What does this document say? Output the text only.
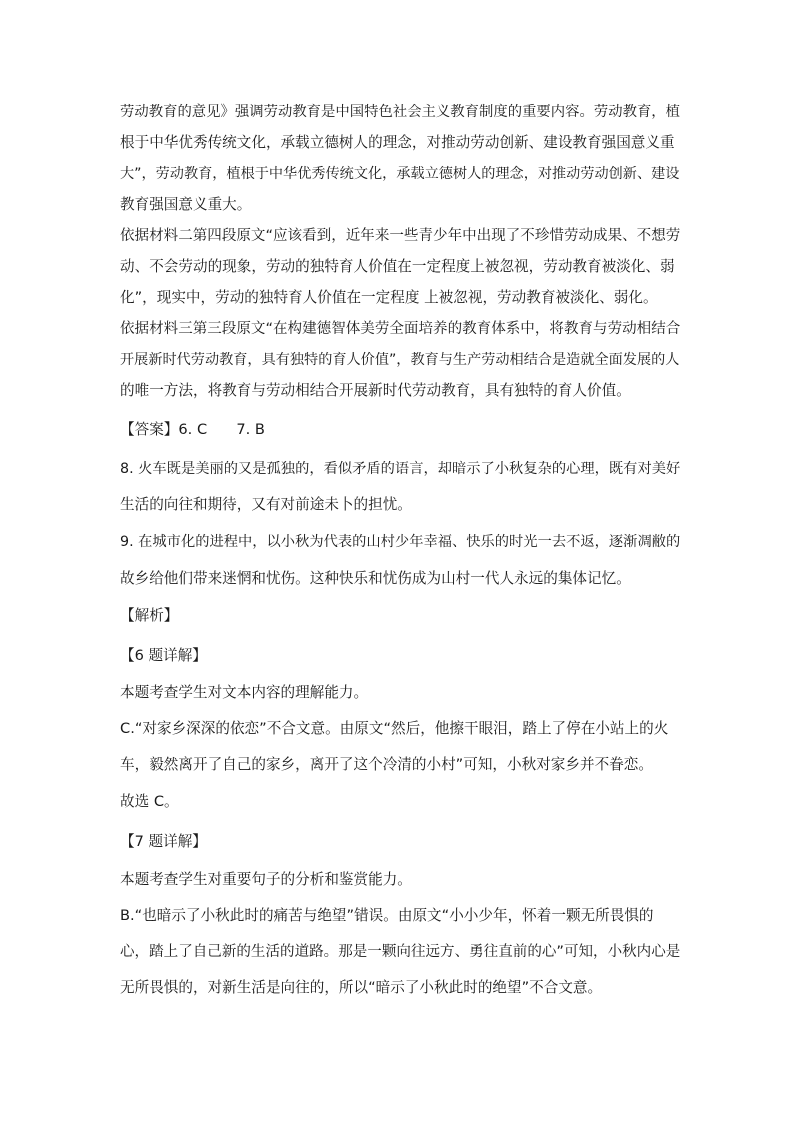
劳动教育的意见》强调劳动教育是中国特色社会主义教育制度的重要内容。劳动教育，植
根于中华优秀传统文化，承载立德树人的理念，对推动劳动创新、建设教育强国意义重
大”，劳动教育，植根于中华优秀传统文化，承载立德树人的理念，对推动劳动创新、建设
教育强国意义重大。
依据材料二第四段原文“应该看到，近年来一些青少年中出现了不珍惜劳动成果、不想劳
动、不会劳动的现象，劳动的独特育人价值在一定程度上被忽视，劳动教育被淡化、弱
化”，现实中，劳动的独特育人价值在一定程度 上被忽视，劳动教育被淡化、弱化。
依据材料三第三段原文“在构建德智体美劳全面培养的教育体系中，将教育与劳动相结合
开展新时代劳动教育，具有独特的育人价值”，教育与生产劳动相结合是造就全面发展的人
的唯一方法，将教育与劳动相结合开展新时代劳动教育，具有独特的育人价值。
【答案】6. C　　7. B
8. 火车既是美丽的又是孤独的，看似矛盾的语言，却暗示了小秋复杂的心理，既有对美好
生活的向往和期待，又有对前途未卜的担忧。
9. 在城市化的进程中，以小秋为代表的山村少年幸福、快乐的时光一去不返，逐渐凋敝的
故乡给他们带来迷惘和忧伤。这种快乐和忧伤成为山村一代人永远的集体记忆。
【解析】
【6 题详解】
本题考查学生对文本内容的理解能力。
C.“对家乡深深的依恋”不合文意。由原文“然后，他擦干眼泪，踏上了停在小站上的火
车，毅然离开了自己的家乡，离开了这个冷清的小村”可知，小秋对家乡并不眷恋。
故选 C。
【7 题详解】
本题考查学生对重要句子的分析和鉴赏能力。
B.“也暗示了小秋此时的痛苦与绝望”错误。由原文“小小少年，怀着一颗无所畏惧的
心，踏上了自己新的生活的道路。那是一颗向往远方、勇往直前的心”可知，小秋内心是
无所畏惧的，对新生活是向往的，所以“暗示了小秋此时的绝望”不合文意。
